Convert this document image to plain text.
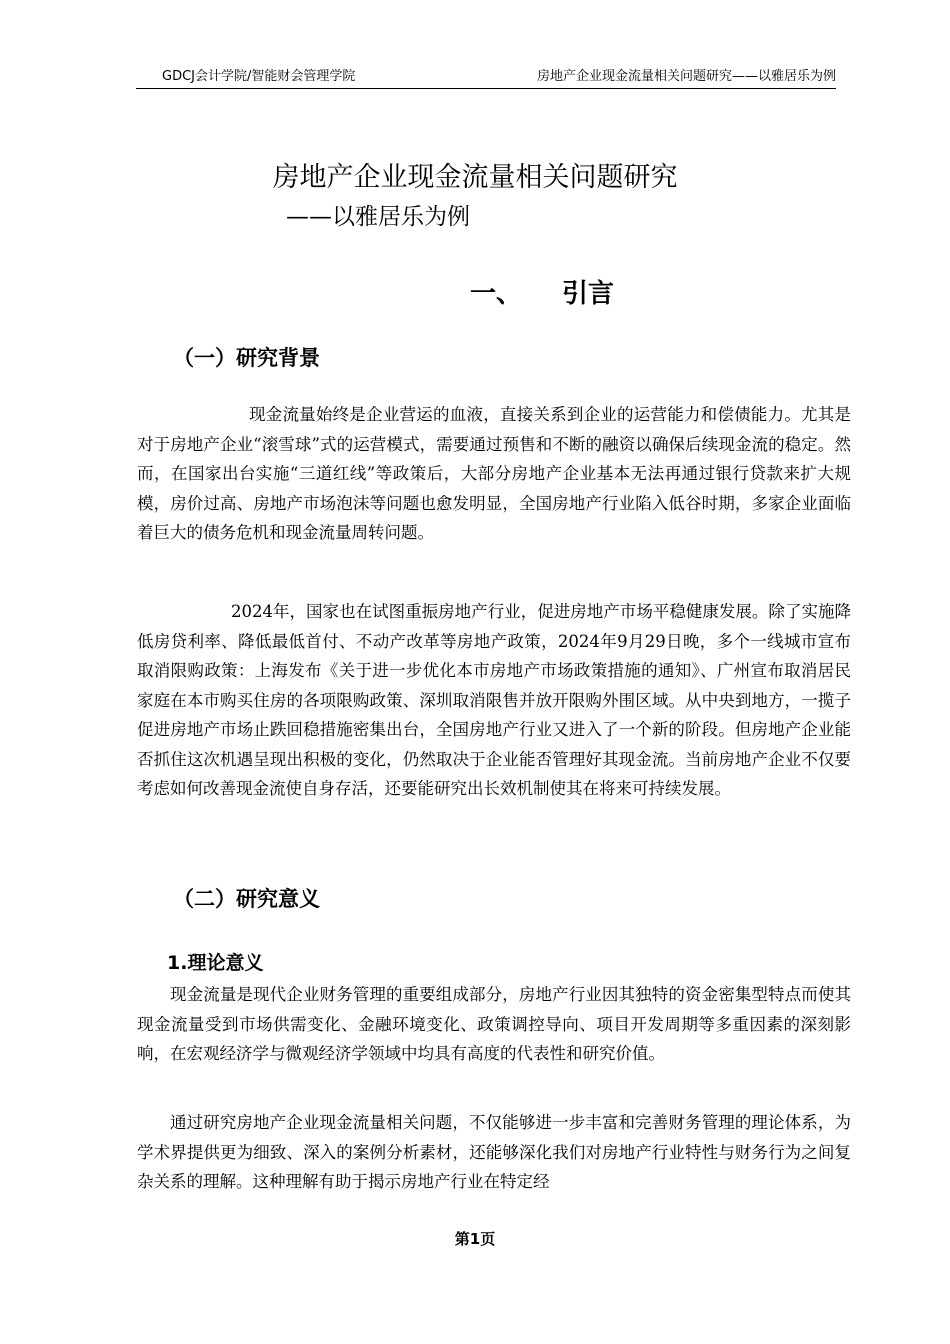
GDCJ会计学院/智能财会管理学院	房地产企业现金流量相关问题研究——以雅居乐为例
房地产企业现金流量相关问题研究
——以雅居乐为例
一、 引言
（一）研究背景

现金流量始终是企业营运的血液，直接关系到企业的运营能力和偿债能力。尤其是对于房地产企业“滚雪球”式的运营模式，需要通过预售和不断的融资以确保后续现金流的稳定。然而，在国家出台实施“三道红线”等政策后，大部分房地产企业基本无法再通过银行贷款来扩大规模，房价过高、房地产市场泡沫等问题也愈发明显，全国房地产行业陷入低谷时期，多家企业面临着巨大的债务危机和现金流量周转问题。

2024年，国家也在试图重振房地产行业，促进房地产市场平稳健康发展。除了实施降低房贷利率、降低最低首付、不动产改革等房地产政策，2024年9月29日晚，多个一线城市宣布取消限购政策：上海发布《关于进一步优化本市房地产市场政策措施的通知》、广州宣布取消居民家庭在本市购买住房的各项限购政策、深圳取消限售并放开限购外围区域。从中央到地方，一揽子促进房地产市场止跌回稳措施密集出台，全国房地产行业又进入了一个新的阶段。但房地产企业能否抓住这次机遇呈现出积极的变化，仍然取决于企业能否管理好其现金流。当前房地产企业不仅要考虑如何改善现金流使自身存活，还要能研究出长效机制使其在将来可持续发展。

（二）研究意义
1.理论意义

现金流量是现代企业财务管理的重要组成部分，房地产行业因其独特的资金密集型特点而使其现金流量受到市场供需变化、金融环境变化、政策调控导向、项目开发周期等多重因素的深刻影响，在宏观经济学与微观经济学领域中均具有高度的代表性和研究价值。

通过研究房地产企业现金流量相关问题，不仅能够进一步丰富和完善财务管理的理论体系，为学术界提供更为细致、深入的案例分析素材，还能够深化我们对房地产行业特性与财务行为之间复杂关系的理解。这种理解有助于揭示房地产行业在特定经

第1页
